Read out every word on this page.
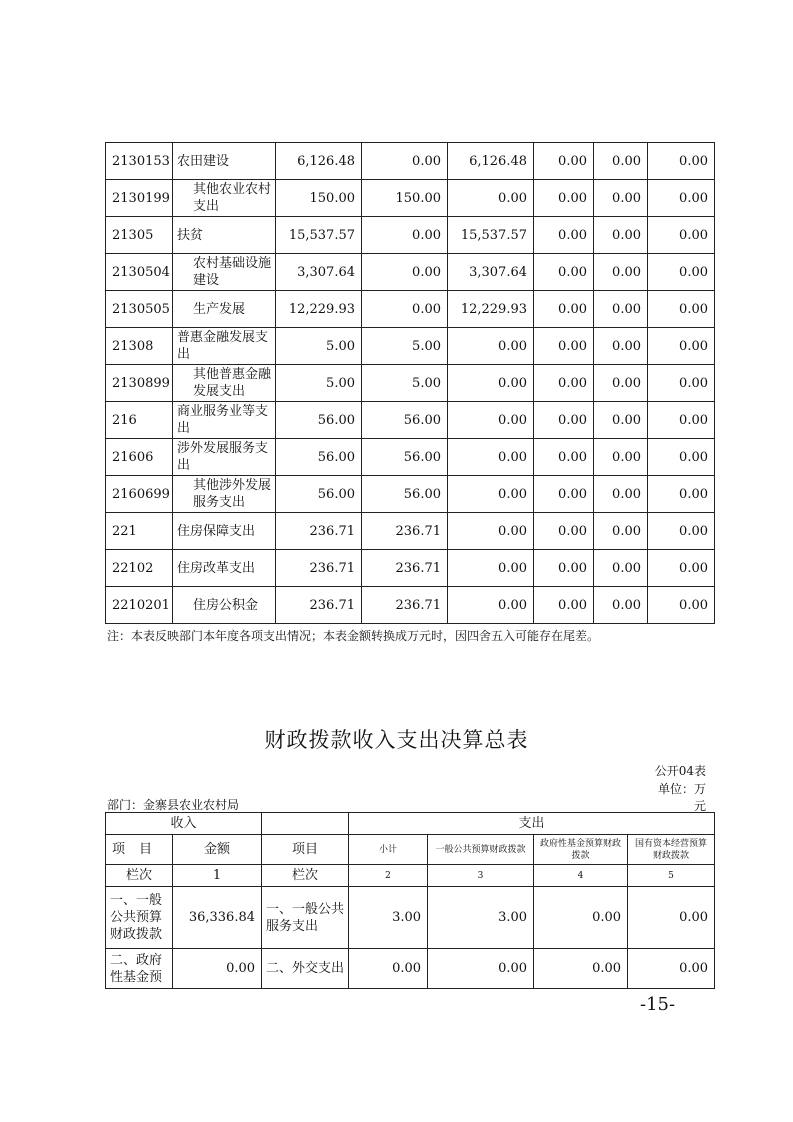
2130153	农田建设	6,126.48	0.00	6,126.48	0.00	0.00	0.00
2130199	其他农业农村支出	150.00	150.00	0.00	0.00	0.00	0.00
21305	扶贫	15,537.57	0.00	15,537.57	0.00	0.00	0.00
2130504	农村基础设施建设	3,307.64	0.00	3,307.64	0.00	0.00	0.00
2130505	生产发展	12,229.93	0.00	12,229.93	0.00	0.00	0.00
21308	普惠金融发展支出	5.00	5.00	0.00	0.00	0.00	0.00
2130899	其他普惠金融发展支出	5.00	5.00	0.00	0.00	0.00	0.00
216	商业服务业等支出	56.00	56.00	0.00	0.00	0.00	0.00
21606	涉外发展服务支出	56.00	56.00	0.00	0.00	0.00	0.00
2160699	其他涉外发展服务支出	56.00	56.00	0.00	0.00	0.00	0.00
221	住房保障支出	236.71	236.71	0.00	0.00	0.00	0.00
22102	住房改革支出	236.71	236.71	0.00	0.00	0.00	0.00
2210201	住房公积金	236.71	236.71	0.00	0.00	0.00	0.00
注：本表反映部门本年度各项支出情况；本表金额转换成万元时，因四舍五入可能存在尾差。
财政拨款收入支出决算总表
公开04表
单位：万
元
部门：金寨县农业农村局
收入			支出			
项目	金额	项目	小计	一般公共预算财政拨款	政府性基金预算财政拨款	国有资本经营预算财政拨款
栏次	1	栏次	2	3	4	5
一、一般公共预算财政拨款	36,336.84	一、一般公共服务支出	3.00	3.00	0.00	0.00
二、政府性基金预	0.00	二、外交支出	0.00	0.00	0.00	0.00
-15-
